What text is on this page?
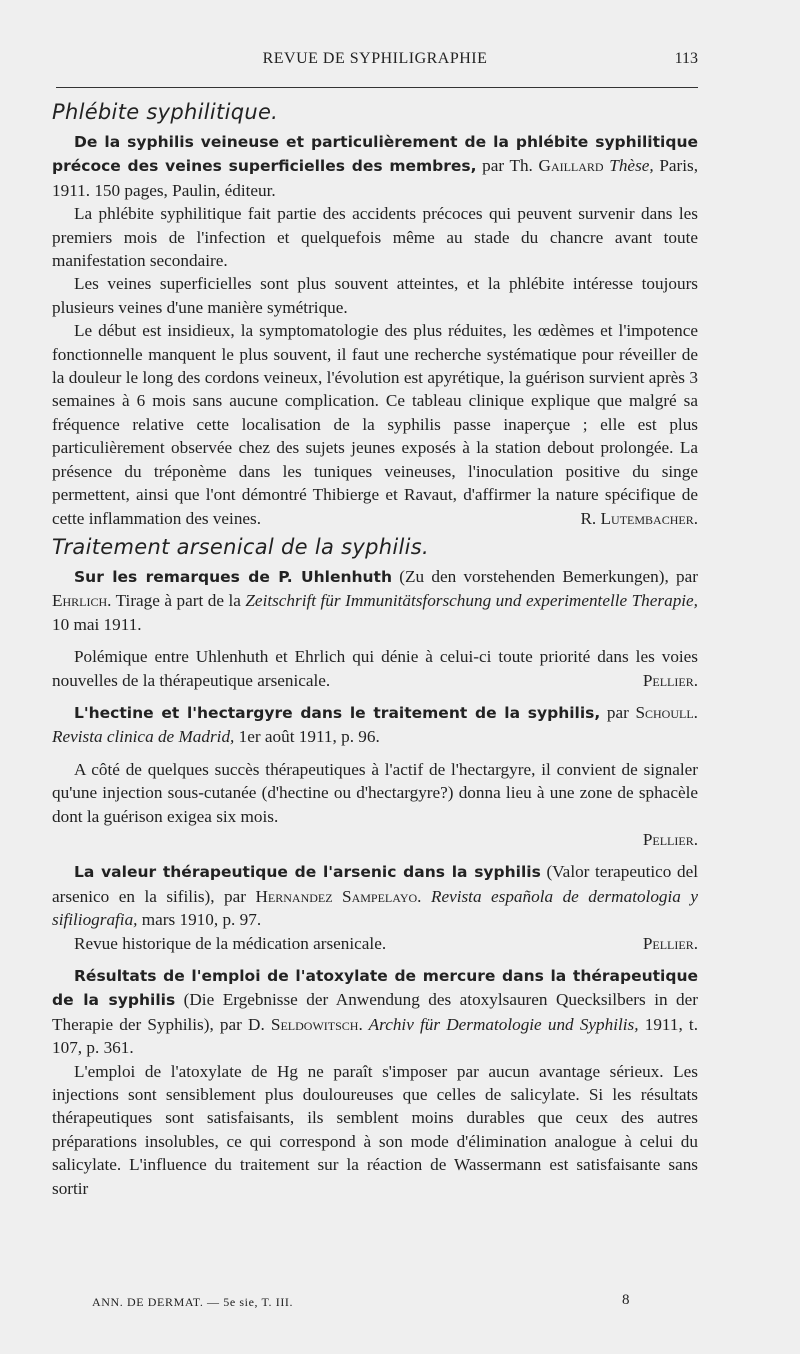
REVUE DE SYPHILIGRAPHIE	113
Phlébite syphilitique.

De la syphilis veineuse et particulièrement de la phlébite syphilitique précoce des veines superficielles des membres, par Th. Gaillard Thèse, Paris, 1911. 150 pages, Paulin, éditeur.

La phlébite syphilitique fait partie des accidents précoces qui peuvent survenir dans les premiers mois de l'infection et quelquefois même au stade du chancre avant toute manifestation secondaire.

Les veines superficielles sont plus souvent atteintes, et la phlébite intéresse toujours plusieurs veines d'une manière symétrique.

Le début est insidieux, la symptomatologie des plus réduites, les œdèmes et l'impotence fonctionnelle manquent le plus souvent, il faut une recherche systématique pour réveiller de la douleur le long des cordons veineux, l'évolution est apyrétique, la guérison survient après 3 semaines à 6 mois sans aucune complication. Ce tableau clinique explique que malgré sa fréquence relative cette localisation de la syphilis passe inaperçue ; elle est plus particulièrement observée chez des sujets jeunes exposés à la station debout prolongée. La présence du tréponème dans les tuniques veineuses, l'inoculation positive du singe permettent, ainsi que l'ont démontré Thibierge et Ravaut, d'affirmer la nature spécifique de cette inflammation des veines.	R. Lutembacher.

Traitement arsenical de la syphilis.

Sur les remarques de P. Uhlenhuth (Zu den vorstehenden Bemerkungen), par Ehrlich. Tirage à part de la Zeitschrift für Immunitätsforschung und experimentelle Therapie, 10 mai 1911.

Polémique entre Uhlenhuth et Ehrlich qui dénie à celui-ci toute priorité dans les voies nouvelles de la thérapeutique arsenicale.	Pellier.

L'hectine et l'hectargyre dans le traitement de la syphilis, par Schoull. Revista clinica de Madrid, 1er août 1911, p. 96.

A côté de quelques succès thérapeutiques à l'actif de l'hectargyre, il convient de signaler qu'une injection sous-cutanée (d'hectine ou d'hectargyre?) donna lieu à une zone de sphacèle dont la guérison exigea six mois.

Pellier.

La valeur thérapeutique de l'arsenic dans la syphilis (Valor terapeutico del arsenico en la sifilis), par Hernandez Sampelayo. Revista española de dermatologia y sifiliografia, mars 1910, p. 97.

Revue historique de la médication arsenicale.	Pellier.

Résultats de l'emploi de l'atoxylate de mercure dans la thérapeutique de la syphilis (Die Ergebnisse der Anwendung des atoxylsauren Quecksilbers in der Therapie der Syphilis), par D. Seldowitsch. Archiv für Dermatologie und Syphilis, 1911, t. 107, p. 361.

L'emploi de l'atoxylate de Hg ne paraît s'imposer par aucun avantage sérieux. Les injections sont sensiblement plus douloureuses que celles de salicylate. Si les résultats thérapeutiques sont satisfaisants, ils semblent moins durables que ceux des autres préparations insolubles, ce qui correspond à son mode d'élimination analogue à celui du salicylate. L'influence du traitement sur la réaction de Wassermann est satisfaisante sans sortir

ANN. DE DERMAT. — 5e sie, T. III.	8
